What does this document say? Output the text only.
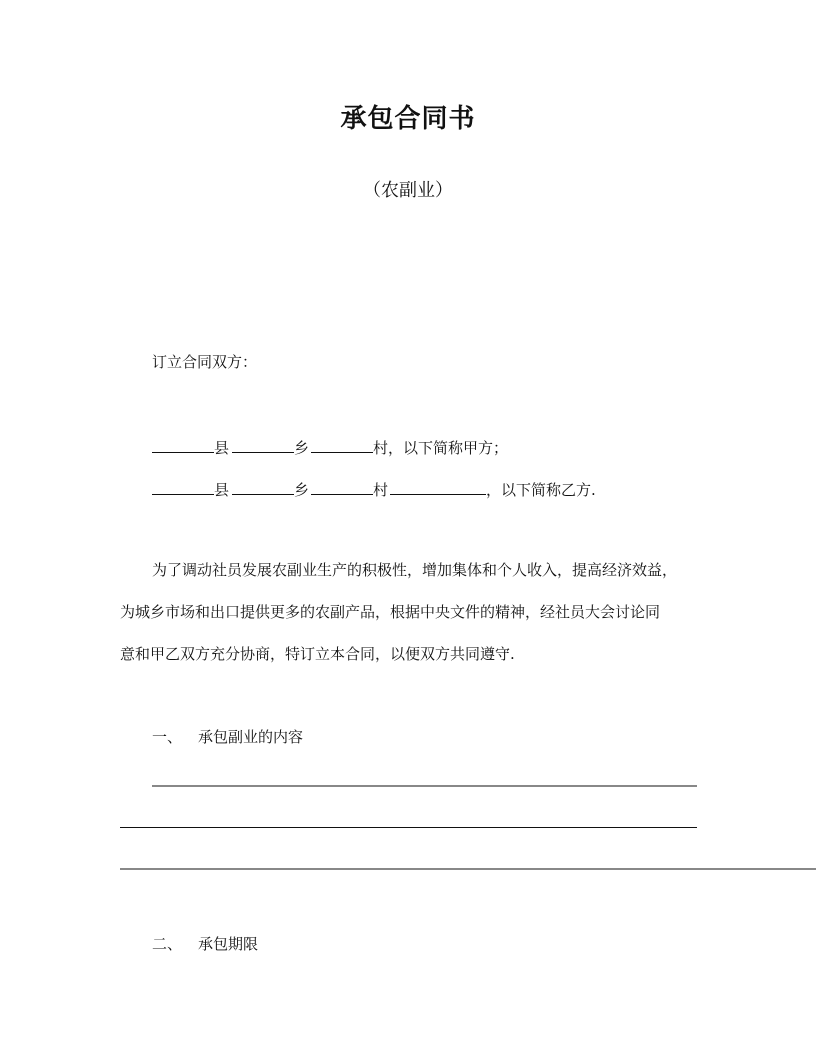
承包合同书
（农副业）
订立合同双方：
县	乡	村，以下简称甲方；
县	乡	村	，以下简称乙方.
为了调动社员发展农副业生产的积极性，增加集体和个人收入，提高经济效益，
为城乡市场和出口提供更多的农副产品，根据中央文件的精神，经社员大会讨论同
意和甲乙双方充分协商，特订立本合同，以便双方共同遵守.
一、 承包副业的内容
二、 承包期限
